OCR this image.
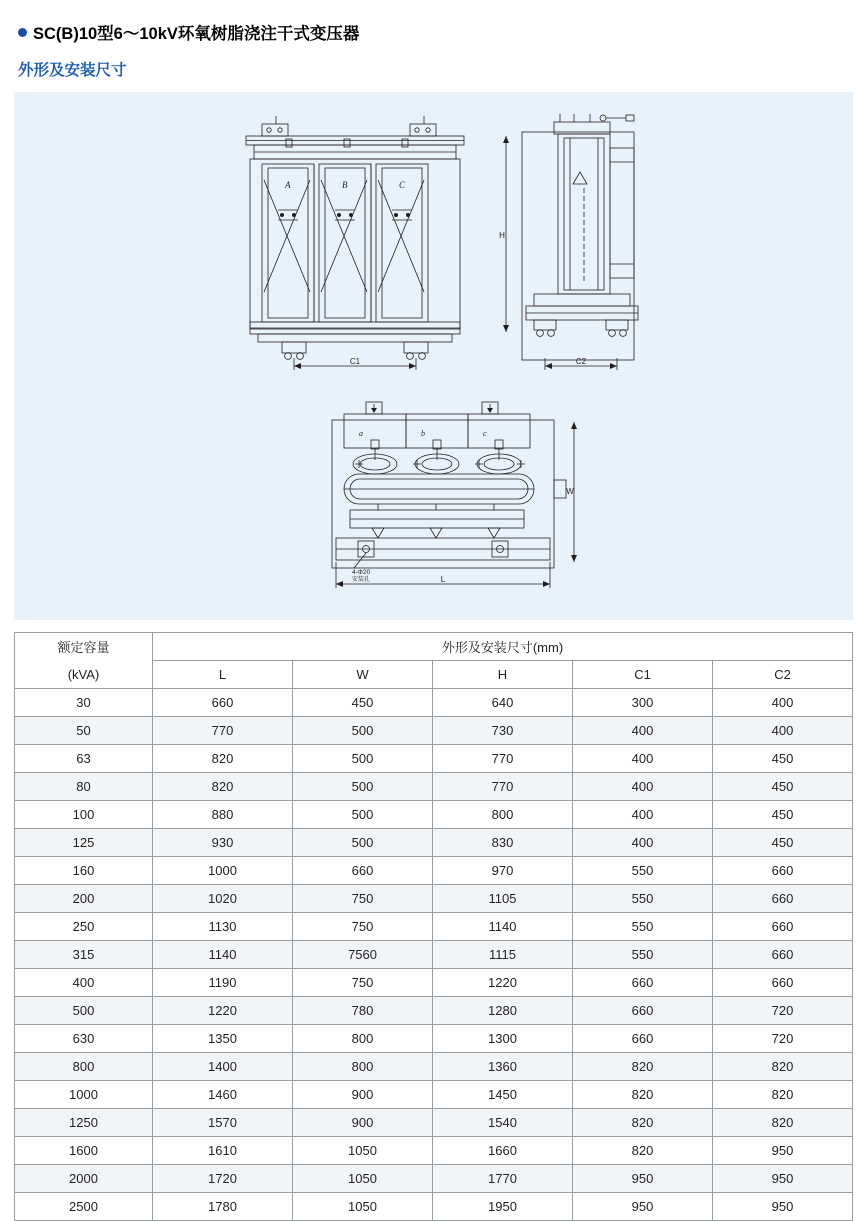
SC(B)10型6～10kV环氧树脂浇注干式变压器
外形及安装尺寸
C1
A	B	C
H
C2
W
L
4-Φ20
安装孔
a	b	c
额定容量	外形及安装尺寸(mm)				
(kVA)	L	W	H	C1	C2
30	660	450	640	300	400
50	770	500	730	400	400
63	820	500	770	400	450
80	820	500	770	400	450
100	880	500	800	400	450
125	930	500	830	400	450
160	1000	660	970	550	660
200	1020	750	1105	550	660
250	1130	750	1140	550	660
315	1140	7560	1115	550	660
400	1190	750	1220	660	660
500	1220	780	1280	660	720
630	1350	800	1300	660	720
800	1400	800	1360	820	820
1000	1460	900	1450	820	820
1250	1570	900	1540	820	820
1600	1610	1050	1660	820	950
2000	1720	1050	1770	950	950
2500	1780	1050	1950	950	950
